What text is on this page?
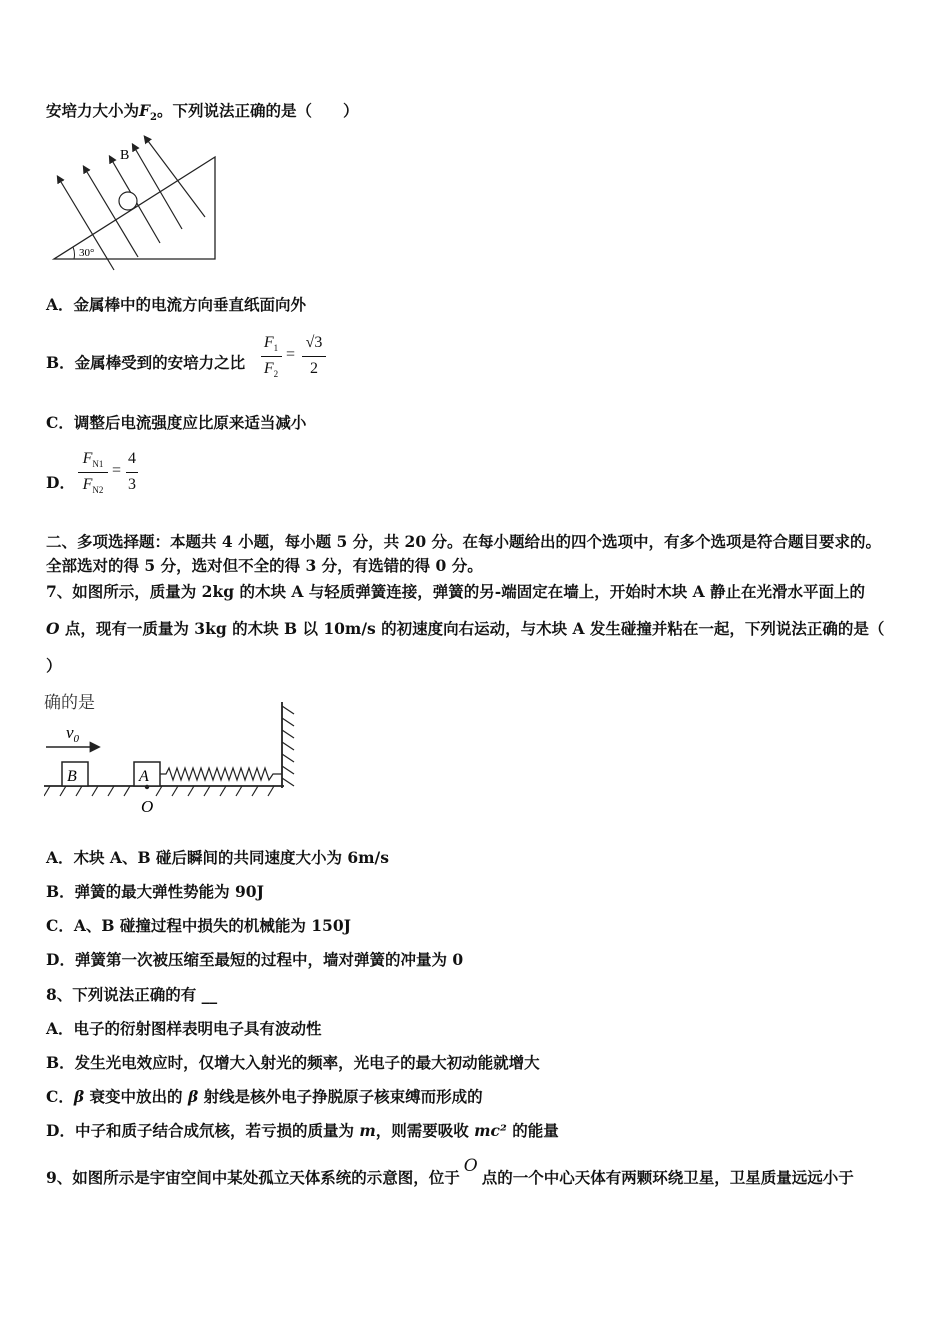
安培力大小为$F_2$。下列说法正确的是（　　）
30°
B
A．金属棒中的电流方向垂直纸面向外
B．金属棒受到的安培力之比
$F_1$
$F_2$
=
√3
2
C．调整后电流强度应比原来适当减小
D．
$F_{N1}$
$F_{N2}$
=
4
3
二、多项选择题：本题共 4 小题，每小题 5 分，共 20 分。在每小题给出的四个选项中，有多个选项是符合题目要求的。
全部选对的得 5 分，选对但不全的得 3 分，有选错的得 0 分。
7、如图所示，质量为 2kg 的木块 A 与轻质弹簧连接，弹簧的另-端固定在墙上，开始时木块 A 静止在光滑水平面上的
O 点，现有一质量为 3kg 的木块 B 以 10m/s 的初速度向右运动，与木块 A 发生碰撞并粘在一起，下列说法正确的是（
）
确的是
$v_0$
B	A
O
A．木块 A、B 碰后瞬间的共同速度大小为 6m/s
B．弹簧的最大弹性势能为 90J
C．A、B 碰撞过程中损失的机械能为 150J
D．弹簧第一次被压缩至最短的过程中，墙对弹簧的冲量为 0
8、下列说法正确的有 __
A．电子的衍射图样表明电子具有波动性
B．发生光电效应时，仅增大入射光的频率，光电子的最大初动能就增大
C．β 衰变中放出的 β 射线是核外电子挣脱原子核束缚而形成的
D．中子和质子结合成氘核，若亏损的质量为 m，则需要吸收 mc² 的能量
9、如图所示是宇宙空间中某处孤立天体系统的示意图，位于O点的一个中心天体有两颗环绕卫星，卫星质量远远小于
